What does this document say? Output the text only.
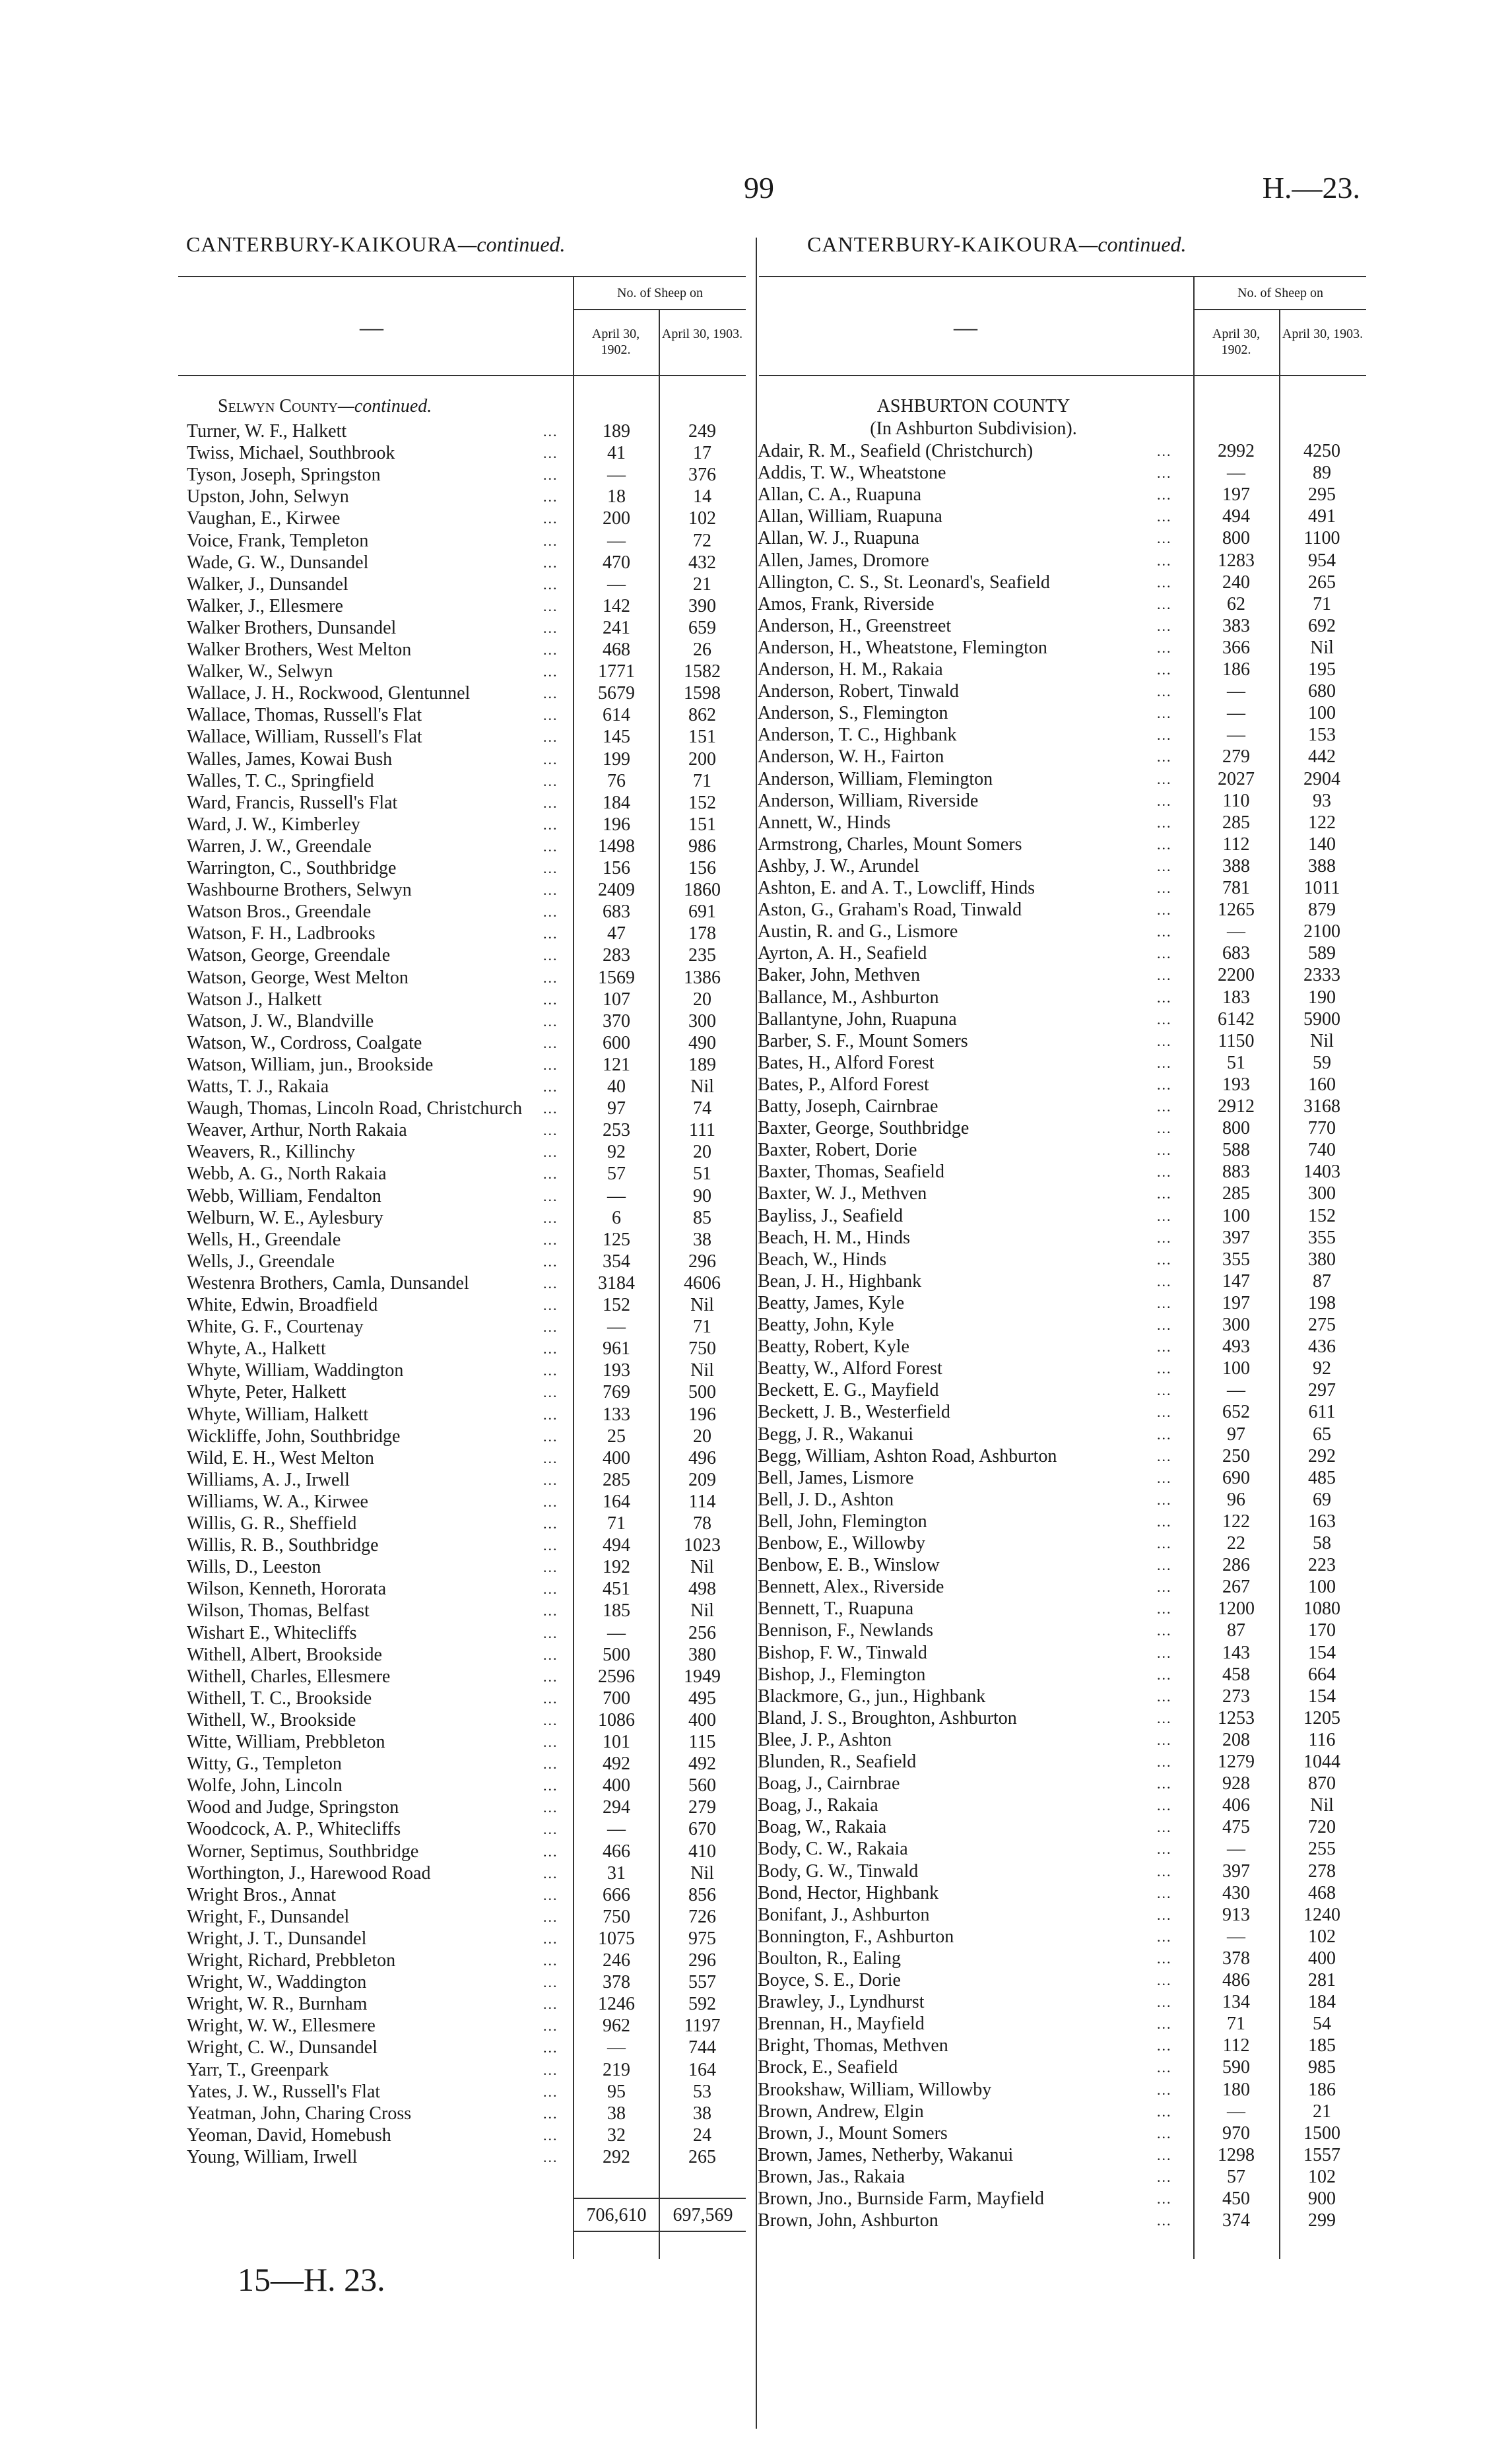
99	H.—23.
CANTERBURY-KAIKOURA—continued.	CANTERBURY-KAIKOURA—continued.
No. of Sheep on
April 30, 1902.
April 30, 1903.
—
Selwyn County—continued.
Turner, W. F., Halkett	...	189	249
Twiss, Michael, Southbrook	...	41	17
Tyson, Joseph, Springston	...	—	376
Upston, John, Selwyn	...	18	14
Vaughan, E., Kirwee	...	200	102
Voice, Frank, Templeton	...	—	72
Wade, G. W., Dunsandel	...	470	432
Walker, J., Dunsandel	...	—	21
Walker, J., Ellesmere	...	142	390
Walker Brothers, Dunsandel	...	241	659
Walker Brothers, West Melton	...	468	26
Walker, W., Selwyn	...	1771	1582
Wallace, J. H., Rockwood, Glentunnel	...	5679	1598
Wallace, Thomas, Russell's Flat	...	614	862
Wallace, William, Russell's Flat	...	145	151
Walles, James, Kowai Bush	...	199	200
Walles, T. C., Springfield	...	76	71
Ward, Francis, Russell's Flat	...	184	152
Ward, J. W., Kimberley	...	196	151
Warren, J. W., Greendale	...	1498	986
Warrington, C., Southbridge	...	156	156
Washbourne Brothers, Selwyn	...	2409	1860
Watson Bros., Greendale	...	683	691
Watson, F. H., Ladbrooks	...	47	178
Watson, George, Greendale	...	283	235
Watson, George, West Melton	...	1569	1386
Watson J., Halkett	...	107	20
Watson, J. W., Blandville	...	370	300
Watson, W., Cordross, Coalgate	...	600	490
Watson, William, jun., Brookside	...	121	189
Watts, T. J., Rakaia	...	40	Nil
Waugh, Thomas, Lincoln Road, Christchurch	...	97	74
Weaver, Arthur, North Rakaia	...	253	111
Weavers, R., Killinchy	...	92	20
Webb, A. G., North Rakaia	...	57	51
Webb, William, Fendalton	...	—	90
Welburn, W. E., Aylesbury	...	6	85
Wells, H., Greendale	...	125	38
Wells, J., Greendale	...	354	296
Westenra Brothers, Camla, Dunsandel	...	3184	4606
White, Edwin, Broadfield	...	152	Nil
White, G. F., Courtenay	...	—	71
Whyte, A., Halkett	...	961	750
Whyte, William, Waddington	...	193	Nil
Whyte, Peter, Halkett	...	769	500
Whyte, William, Halkett	...	133	196
Wickliffe, John, Southbridge	...	25	20
Wild, E. H., West Melton	...	400	496
Williams, A. J., Irwell	...	285	209
Williams, W. A., Kirwee	...	164	114
Willis, G. R., Sheffield	...	71	78
Willis, R. B., Southbridge	...	494	1023
Wills, D., Leeston	...	192	Nil
Wilson, Kenneth, Hororata	...	451	498
Wilson, Thomas, Belfast	...	185	Nil
Wishart E., Whitecliffs	...	—	256
Withell, Albert, Brookside	...	500	380
Withell, Charles, Ellesmere	...	2596	1949
Withell, T. C., Brookside	...	700	495
Withell, W., Brookside	...	1086	400
Witte, William, Prebbleton	...	101	115
Witty, G., Templeton	...	492	492
Wolfe, John, Lincoln	...	400	560
Wood and Judge, Springston	...	294	279
Woodcock, A. P., Whitecliffs	...	—	670
Worner, Septimus, Southbridge	...	466	410
Worthington, J., Harewood Road	...	31	Nil
Wright Bros., Annat	...	666	856
Wright, F., Dunsandel	...	750	726
Wright, J. T., Dunsandel	...	1075	975
Wright, Richard, Prebbleton	...	246	296
Wright, W., Waddington	...	378	557
Wright, W. R., Burnham	...	1246	592
Wright, W. W., Ellesmere	...	962	1197
Wright, C. W., Dunsandel	...	—	744
Yarr, T., Greenpark	...	219	164
Yates, J. W., Russell's Flat	...	95	53
Yeatman, John, Charing Cross	...	38	38
Yeoman, David, Homebush	...	32	24
Young, William, Irwell	...	292	265
706,610	697,569
No. of Sheep on
April 30, 1902.
April 30, 1903.
—
ASHBURTON COUNTY
(In Ashburton Subdivision).
Adair, R. M., Seafield (Christchurch)	...	2992	4250
Addis, T. W., Wheatstone	...	—	89
Allan, C. A., Ruapuna	...	197	295
Allan, William, Ruapuna	...	494	491
Allan, W. J., Ruapuna	...	800	1100
Allen, James, Dromore	...	1283	954
Allington, C. S., St. Leonard's, Seafield	...	240	265
Amos, Frank, Riverside	...	62	71
Anderson, H., Greenstreet	...	383	692
Anderson, H., Wheatstone, Flemington	...	366	Nil
Anderson, H. M., Rakaia	...	186	195
Anderson, Robert, Tinwald	...	—	680
Anderson, S., Flemington	...	—	100
Anderson, T. C., Highbank	...	—	153
Anderson, W. H., Fairton	...	279	442
Anderson, William, Flemington	...	2027	2904
Anderson, William, Riverside	...	110	93
Annett, W., Hinds	...	285	122
Armstrong, Charles, Mount Somers	...	112	140
Ashby, J. W., Arundel	...	388	388
Ashton, E. and A. T., Lowcliff, Hinds	...	781	1011
Aston, G., Graham's Road, Tinwald	...	1265	879
Austin, R. and G., Lismore	...	—	2100
Ayrton, A. H., Seafield	...	683	589
Baker, John, Methven	...	2200	2333
Ballance, M., Ashburton	...	183	190
Ballantyne, John, Ruapuna	...	6142	5900
Barber, S. F., Mount Somers	...	1150	Nil
Bates, H., Alford Forest	...	51	59
Bates, P., Alford Forest	...	193	160
Batty, Joseph, Cairnbrae	...	2912	3168
Baxter, George, Southbridge	...	800	770
Baxter, Robert, Dorie	...	588	740
Baxter, Thomas, Seafield	...	883	1403
Baxter, W. J., Methven	...	285	300
Bayliss, J., Seafield	...	100	152
Beach, H. M., Hinds	...	397	355
Beach, W., Hinds	...	355	380
Bean, J. H., Highbank	...	147	87
Beatty, James, Kyle	...	197	198
Beatty, John, Kyle	...	300	275
Beatty, Robert, Kyle	...	493	436
Beatty, W., Alford Forest	...	100	92
Beckett, E. G., Mayfield	...	—	297
Beckett, J. B., Westerfield	...	652	611
Begg, J. R., Wakanui	...	97	65
Begg, William, Ashton Road, Ashburton	...	250	292
Bell, James, Lismore	...	690	485
Bell, J. D., Ashton	...	96	69
Bell, John, Flemington	...	122	163
Benbow, E., Willowby	...	22	58
Benbow, E. B., Winslow	...	286	223
Bennett, Alex., Riverside	...	267	100
Bennett, T., Ruapuna	...	1200	1080
Bennison, F., Newlands	...	87	170
Bishop, F. W., Tinwald	...	143	154
Bishop, J., Flemington	...	458	664
Blackmore, G., jun., Highbank	...	273	154
Bland, J. S., Broughton, Ashburton	...	1253	1205
Blee, J. P., Ashton	...	208	116
Blunden, R., Seafield	...	1279	1044
Boag, J., Cairnbrae	...	928	870
Boag, J., Rakaia	...	406	Nil
Boag, W., Rakaia	...	475	720
Body, C. W., Rakaia	...	—	255
Body, G. W., Tinwald	...	397	278
Bond, Hector, Highbank	...	430	468
Bonifant, J., Ashburton	...	913	1240
Bonnington, F., Ashburton	...	—	102
Boulton, R., Ealing	...	378	400
Boyce, S. E., Dorie	...	486	281
Brawley, J., Lyndhurst	...	134	184
Brennan, H., Mayfield	...	71	54
Bright, Thomas, Methven	...	112	185
Brock, E., Seafield	...	590	985
Brookshaw, William, Willowby	...	180	186
Brown, Andrew, Elgin	...	—	21
Brown, J., Mount Somers	...	970	1500
Brown, James, Netherby, Wakanui	...	1298	1557
Brown, Jas., Rakaia	...	57	102
Brown, Jno., Burnside Farm, Mayfield	...	450	900
Brown, John, Ashburton	...	374	299
15—H. 23.
